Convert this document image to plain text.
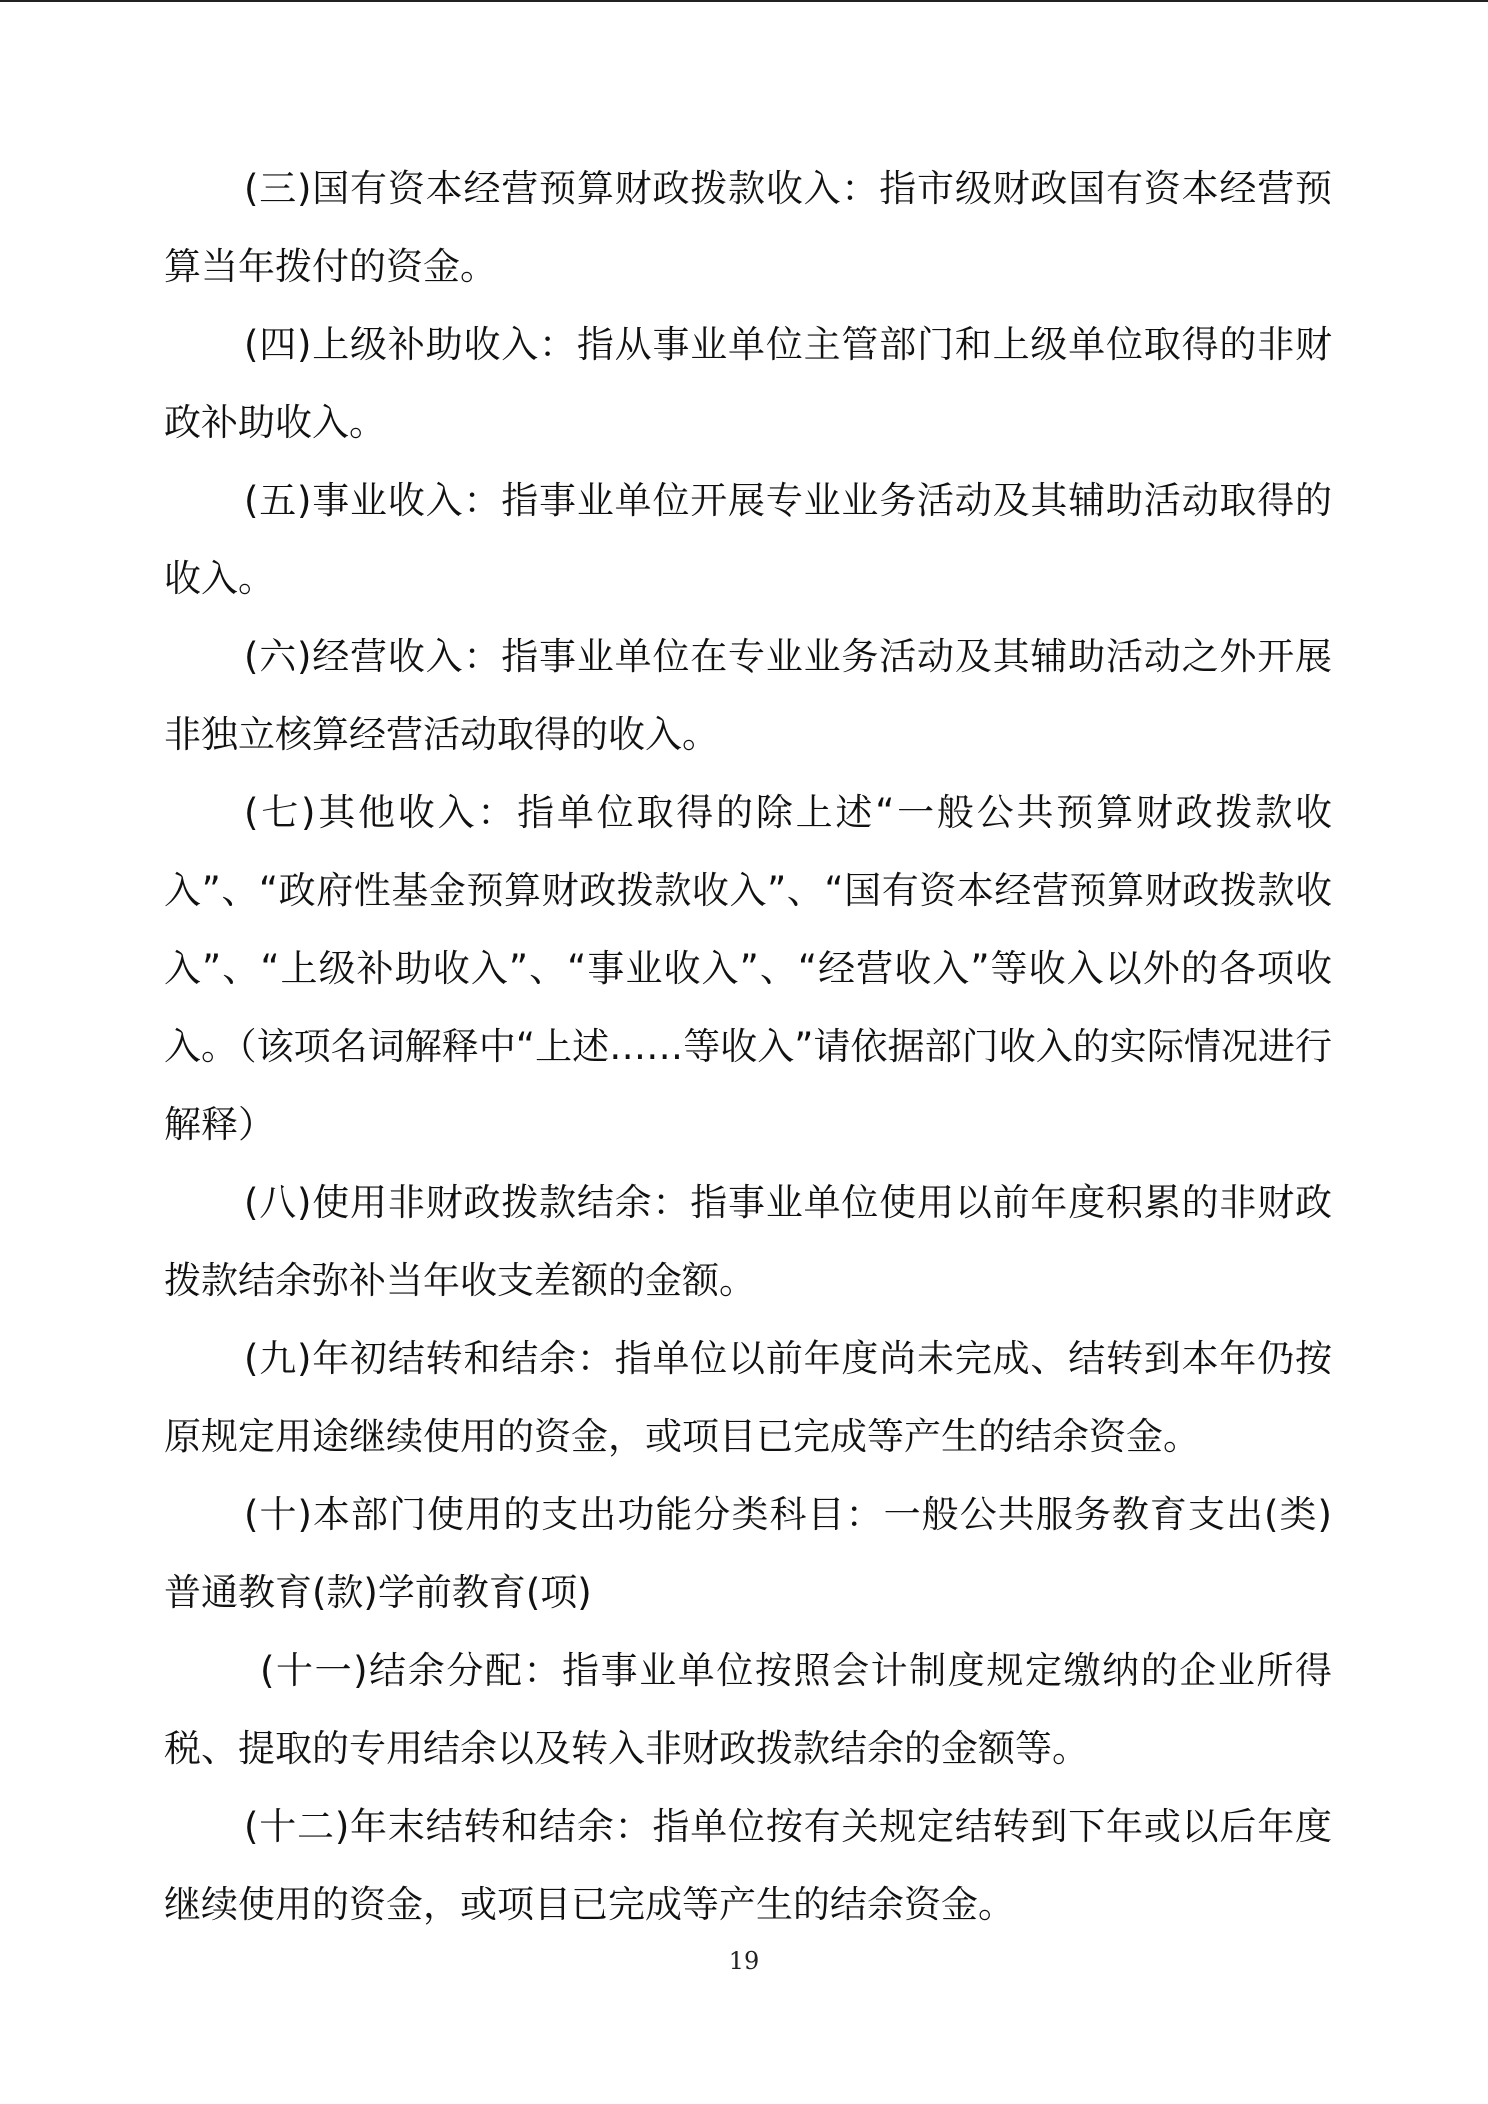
(三)国有资本经营预算财政拨款收入：指市级财政国有资本经营预算当年拨付的资金。

(四)上级补助收入：指从事业单位主管部门和上级单位取得的非财政补助收入。

(五)事业收入：指事业单位开展专业业务活动及其辅助活动取得的收入。

(六)经营收入：指事业单位在专业业务活动及其辅助活动之外开展非独立核算经营活动取得的收入。

(七)其他收入：指单位取得的除上述“一般公共预算财政拨款收入”、“政府性基金预算财政拨款收入”、“国有资本经营预算财政拨款收入”、“上级补助收入”、“事业收入”、“经营收入”等收入以外的各项收入。（该项名词解释中“上述……等收入”请依据部门收入的实际情况进行解释）

(八)使用非财政拨款结余：指事业单位使用以前年度积累的非财政拨款结余弥补当年收支差额的金额。

(九)年初结转和结余：指单位以前年度尚未完成、结转到本年仍按原规定用途继续使用的资金，或项目已完成等产生的结余资金。

(十)本部门使用的支出功能分类科目：一般公共服务教育支出(类)普通教育(款)学前教育(项)

(十一)结余分配：指事业单位按照会计制度规定缴纳的企业所得税、提取的专用结余以及转入非财政拨款结余的金额等。

(十二)年末结转和结余：指单位按有关规定结转到下年或以后年度继续使用的资金，或项目已完成等产生的结余资金。

19
